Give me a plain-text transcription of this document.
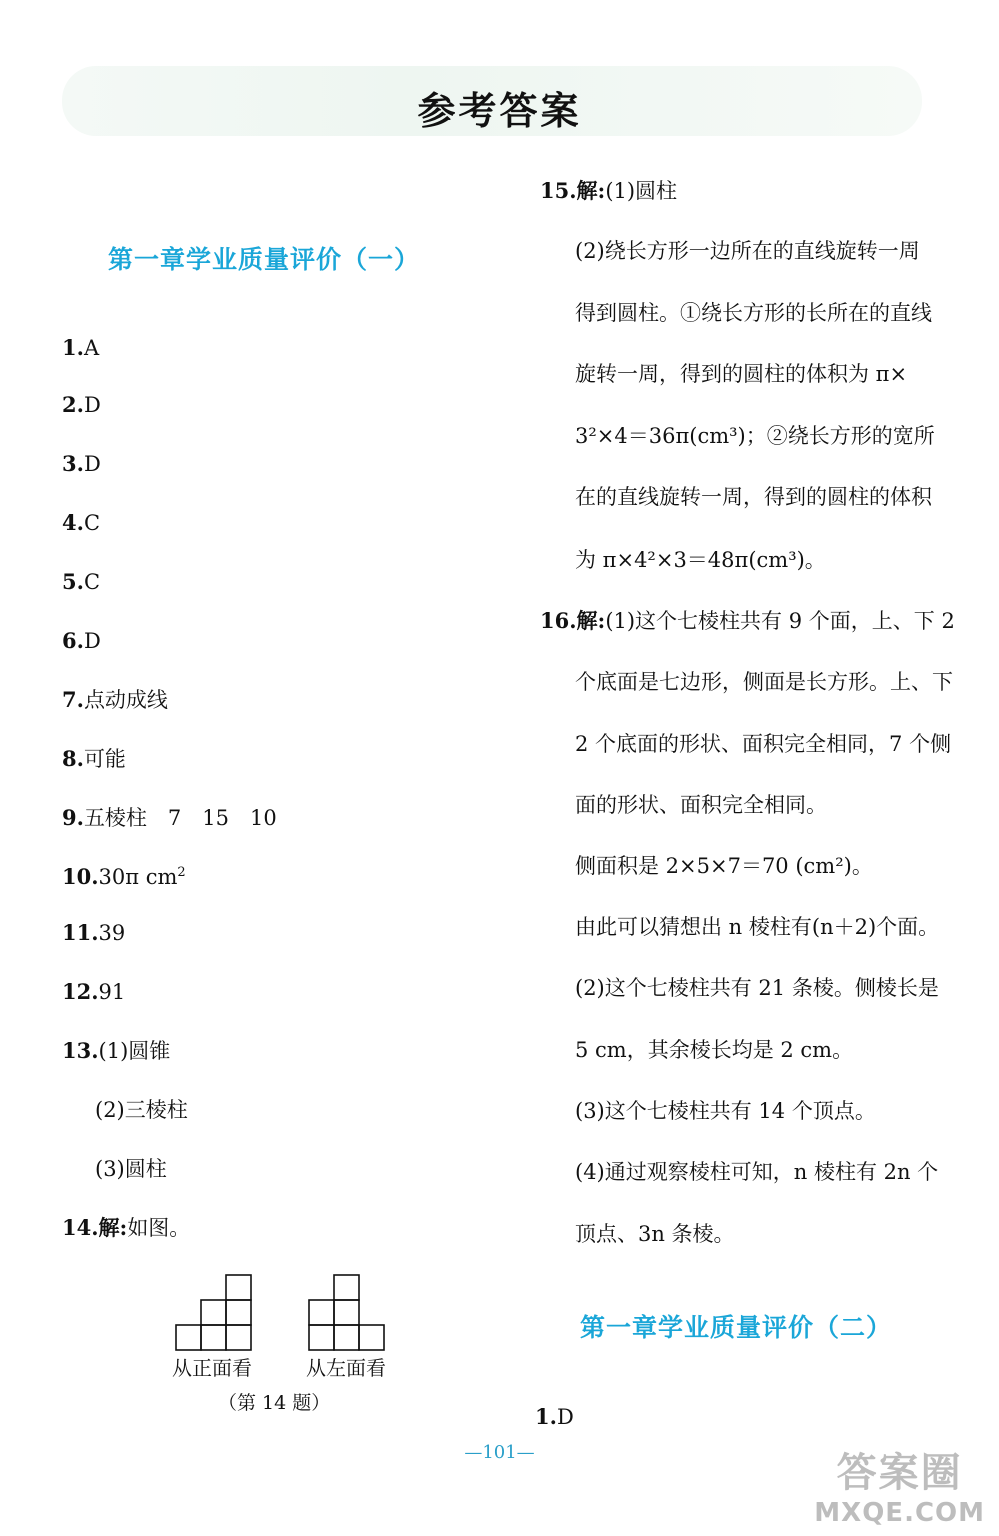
参考答案
第一章学业质量评价（一）
1.A
2.D
3.D
4.C
5.C
6.D
7.点动成线
8.可能
9.五棱柱　7　15　10
10.30π $cm^2$
11.39
12.91
13.(1)圆锥
(2)三棱柱
(3)圆柱
14.解:如图。
从正面看	从左面看
（第 14 题）
15.解:(1)圆柱
(2)绕长方形一边所在的直线旋转一周
得到圆柱。①绕长方形的长所在的直线
旋转一周，得到的圆柱的体积为 π×
3²×4＝36π(cm³)；②绕长方形的宽所
在的直线旋转一周，得到的圆柱的体积
为 π×4²×3＝48π(cm³)。
16.解:(1)这个七棱柱共有 9 个面，上、下 2
个底面是七边形，侧面是长方形。上、下
2 个底面的形状、面积完全相同，7 个侧
面的形状、面积完全相同。
侧面积是 2×5×7＝70 (cm²)。
由此可以猜想出 n 棱柱有(n＋2)个面。
(2)这个七棱柱共有 21 条棱。侧棱长是
5 cm，其余棱长均是 2 cm。
(3)这个七棱柱共有 14 个顶点。
(4)通过观察棱柱可知，n 棱柱有 2n 个
顶点、3n 条棱。
第一章学业质量评价（二）
1.D
—101—	答案圈
MXQE.COM
